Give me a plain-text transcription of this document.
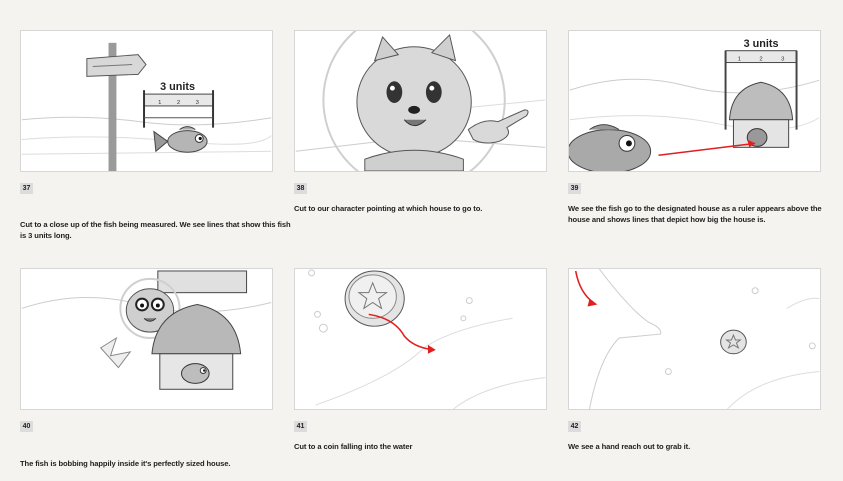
3 units
1	2	3
37
Cut to a close up of the fish being measured. We see lines that show this fish is 3 units long.
38
Cut to our character pointing at which house to go to.
3 units
1	2	3
39
We see the fish go to the designated house as a ruler appears above the house and shows lines that depict how big the house is.
40
The fish is bobbing happily inside it's perfectly sized house.
41
Cut to a coin falling into the water
42
We see a hand reach out to grab it.
